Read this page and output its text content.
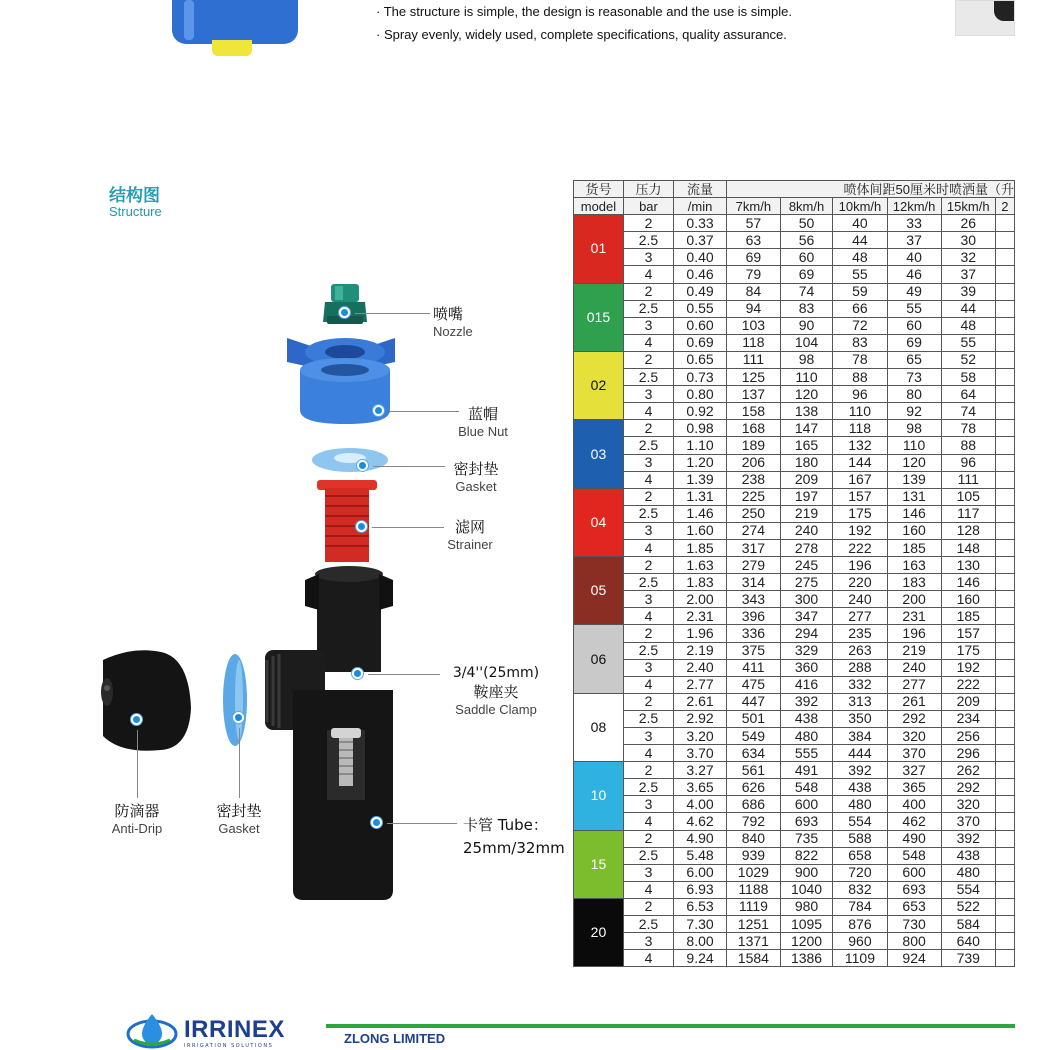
· The structure is simple, the design is reasonable and the use is simple.
· Spray evenly, widely used, complete specifications, quality assurance.
结构图
Structure
喷嘴
Nozzle
蓝帽
Blue Nut
密封垫
Gasket
滤网
Strainer
3/4''(25mm)
鞍座夹
Saddle Clamp
卡管 Tube：
25mm/32mm
防滴器
Anti-Drip
密封垫
Gasket
货号	压力	流量	喷体间距50厘米时喷洒量（升					
model	bar	/min	7km/h	8km/h	10km/h	12km/h	15km/h	2
01	2	0.33	57	50	40	33	26	
	2.5	0.37	63	56	44	37	30	
	3	0.40	69	60	48	40	32	
	4	0.46	79	69	55	46	37	
015	2	0.49	84	74	59	49	39	
	2.5	0.55	94	83	66	55	44	
	3	0.60	103	90	72	60	48	
	4	0.69	118	104	83	69	55	
02	2	0.65	111	98	78	65	52	
	2.5	0.73	125	110	88	73	58	
	3	0.80	137	120	96	80	64	
	4	0.92	158	138	110	92	74	
03	2	0.98	168	147	118	98	78	
	2.5	1.10	189	165	132	110	88	
	3	1.20	206	180	144	120	96	
	4	1.39	238	209	167	139	111	
04	2	1.31	225	197	157	131	105	
	2.5	1.46	250	219	175	146	117	
	3	1.60	274	240	192	160	128	
	4	1.85	317	278	222	185	148	
05	2	1.63	279	245	196	163	130	
	2.5	1.83	314	275	220	183	146	
	3	2.00	343	300	240	200	160	
	4	2.31	396	347	277	231	185	
06	2	1.96	336	294	235	196	157	
	2.5	2.19	375	329	263	219	175	
	3	2.40	411	360	288	240	192	
	4	2.77	475	416	332	277	222	
08	2	2.61	447	392	313	261	209	
	2.5	2.92	501	438	350	292	234	
	3	3.20	549	480	384	320	256	
	4	3.70	634	555	444	370	296	
10	2	3.27	561	491	392	327	262	
	2.5	3.65	626	548	438	365	292	
	3	4.00	686	600	480	400	320	
	4	4.62	792	693	554	462	370	
15	2	4.90	840	735	588	490	392	
	2.5	5.48	939	822	658	548	438	
	3	6.00	1029	900	720	600	480	
	4	6.93	1188	1040	832	693	554	
20	2	6.53	1119	980	784	653	522	
	2.5	7.30	1251	1095	876	730	584	
	3	8.00	1371	1200	960	800	640	
	4	9.24	1584	1386	1109	924	739	
IRRINEX
IRRIGATION SOLUTIONS	ZLONG LIMITED
